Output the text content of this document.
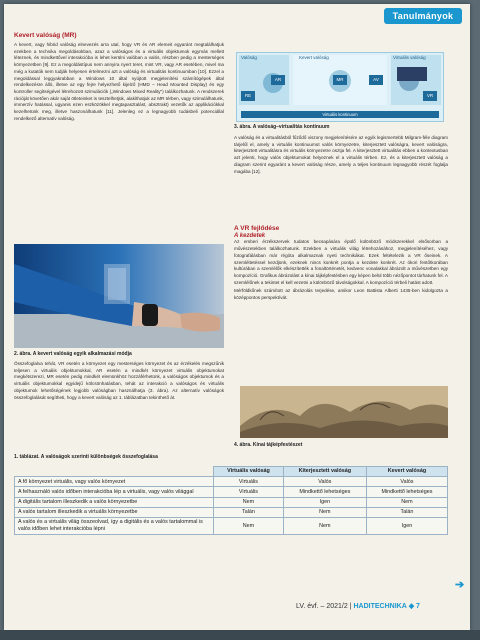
Tanulmányok
Kevert valóság (MR)

A kevert, vagy hibrid valóság elnevezés arra utal, hogy VR és AR elemeit egyaránt megtalálhatjuk ezekben a technika megoldásokban, azaz a valóságos és a virtuális objektumok egymás mellett léteznek, és mindkettővel interakcióba is lehet kerülni valóban a valós, részben pedig a mesterséges környezetben [9]. Ez a megoldástípus nem annyira nyert teret, mint VR, vagy AR esetében, mivel ma még a kutatók sem tudják helyesen értelmezni azt a valóság és virtualitás kontinuumban [10]. Ezzel a megoldással leggyakrabban a Windows 10 által nyújtott megjelenítési számítógépek által rendelkezésre álló, illetve az egy fejre helyezhető kijelző (HMD – Head Mounted Display) és egy kontroller segítségével létrehozott szimulációk („Windows Mixed Reality") találkozhatunk. A rendszerek rációját követően akár saját ötleteinket is tesztelhetjük, alakíthatjuk az MR térben, vagy szimulálhatunk, immerzív hatással, ugyanis ezen eszközökkel megtapasztalást, absztrakt) vezetők az applikációkkal kezelhetünk meg, illetve haszonálhatunk [11]. Jelenleg ez a legnagyobb tudásbeli potenciállal rendelkező alternatív valóság.

2. ábra. A kevert valóság egyik alkalmazási módja

Összefoglalva tehát, VR esetén a környezet egy mesterséges környezet és az érzékelés megszűnik teljesen a virtuális objektumokkal, AR esetén a mindkét környezet virtuális objektumokat megkétszerezi, MR esetén pedig mindkét elemünkhöz hozzáférhetünk, a valóságos objektumok és a virtuális objektumokkal egyidejű kölcsönhatásban, tehát az interakció a valóságos és virtuális objektumok lehetőségének legjobb valóságban használhatja (3. ábra). Az alternatív valóságok összefoglalását segítheti, hogy a kevert valóság az 1. táblázatban tekinthető át.

1. táblázat. A valóságok szerinti különbségek összefoglalása
Valóság	Kevert valóság	Virtuális valóság
RE
AR	MR	AV
VR
Virtuális kontinuum
3. ábra. A valóság–virtualitás kontinuum

A valóság és a virtualitásból fűződő viszony megjelenítésére az egyik legismertebb Milgram-féle diagram tárjelűl el, amely a virtuális kontinuumot valós környezetre, kiterjesztett valóságra, kevert valóságra, kiterjesztett virtualitásra és virtuális környezetre osztja fel. A kiterjesztett virtualitás ebben a kontextusban azt jelenti, hogy valós objektumokat helyeznek el a virtuális térben. Ez, és a kiterjesztett valóság a diagram szerint egyaránt a kevert valóság része, amely a teljes kontinuum legnagyobb részét foglalja magába [12].

A VR fejlődése
A kezdetek

Az emberi érzékszervek tudatos becsapására épülő különböző módszerekkel elsősorban a művészetekben találkozhatunk. Ezekben a virtuális világ létrehozásához, megjelenítéséhez, vagy fotografálásban már régóta alkalmaznak nyeti technikákat. Ezek feltételezik a VR őseinek. A szemléltetéssel kezdjünk, ezeknek nincs konkrét pontja a kezdete konkrét. Az ókori festőtkorában kultúrában a szemlélők elkészítették a fonaltörténetét, kedvenc vonalakkal ábrázolt a művészetben egy kompozíció. Grafikus ábrázolást a kínai tájképfestésben egy képen belül több nézőpontot tárhatunk fel. A szemlélőnek a tekintet el kell vezetni a különböző távolságokkal. A kompozíció térbeli hatást adott.

Mérföldkőnek számított az ábrázolás terjedése, amikor Leon Battista Alberti 1435-ben kidolgozta a középpontos perspektívát.

4. ábra. Kínai tájképfestészet
	Virtuális valóság	Kiterjesztett valóság	Kevert valóság
A fő környezet virtuális, vagy valós környezet	Virtuális	Valós	Valós
A felhasználó valós időben interakcióba lép a virtuális, vagy valós világgal	Virtuális	Mindkettő lehetséges	Mindkettő lehetséges
A digitális tartalom illeszkedik a valós környezetbe	Nem	Igen	Nem
A valós tartalom illeszkedik a virtuális környezetbe	Talán	Nem	Talán
A valós és a virtuális világ összeolvad, így a digitális és a valós tartalommal is valós időben lehet interakcióba lépni	Nem	Nem	Igen
➔
LV. évf. – 2021/2 | HADITECHNIKA ◆ 7
